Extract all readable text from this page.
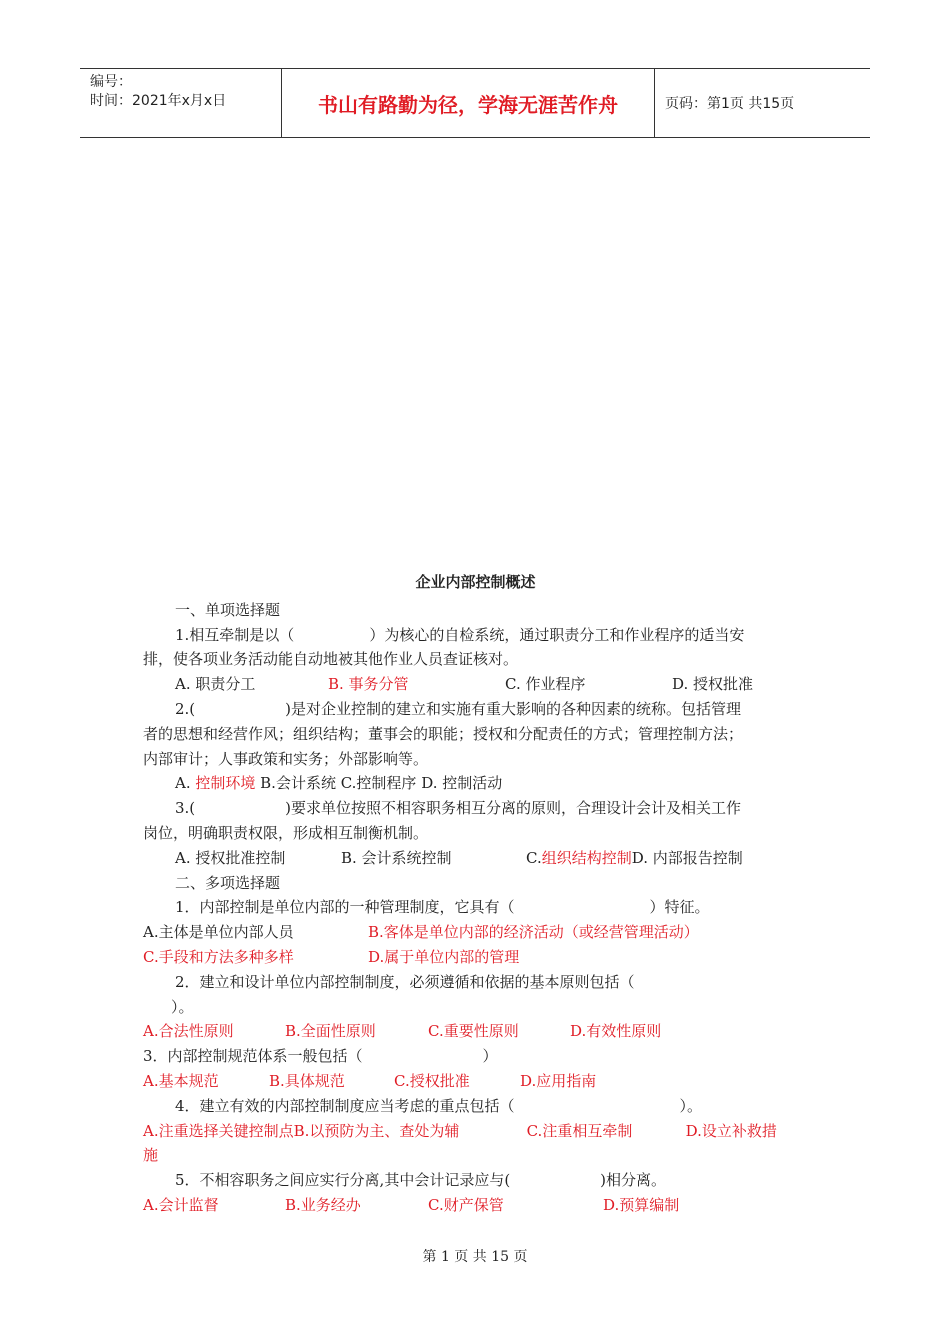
编号：
时间：2021年x月x日	书山有路勤为径，学海无涯苦作舟	页码：第1页 共15页
企业内部控制概述
一、单项选择题
1.相互牵制是以（　　　　　）为核心的自检系统，通过职责分工和作业程序的适当安
排，使各项业务活动能自动地被其他作业人员查证核对。
A. 职责分工	B. 事务分管	C. 作业程序	D. 授权批准
2.(　　　　　　)是对企业控制的建立和实施有重大影响的各种因素的统称。包括管理
者的思想和经营作风；组织结构；董事会的职能；授权和分配责任的方式；管理控制方法；
内部审计；人事政策和实务；外部影响等。
A. 控制环境 B.会计系统 C.控制程序 D. 控制活动
3.(　　　　　　)要求单位按照不相容职务相互分离的原则，合理设计会计及相关工作
岗位，明确职责权限，形成相互制衡机制。
A. 授权批准控制	B. 会计系统控制	C. 组织结构控制 D. 内部报告控制
二、多项选择题
1．内部控制是单位内部的一种管理制度，它具有（　　　　　　　　　）特征。
A.主体是单位内部人员	B.客体是单位内部的经济活动（或经营管理活动）
C.手段和方法多种多样	D.属于单位内部的管理
2．建立和设计单位内部控制制度，必须遵循和依据的基本原则包括（
）。
A.合法性原则	B.全面性原则	C.重要性原则	D.有效性原则
3．内部控制规范体系一般包括（　　　　　　　　）
A.基本规范	B.具体规范	C.授权批准	D.应用指南
4．建立有效的内部控制制度应当考虑的重点包括（　　　　　　　　　　　）。
A.注重选择关键控制点 B.以预防为主、查处为辅	C.注重相互牵制	D.设立补救措
施
5．不相容职务之间应实行分离,其中会计记录应与(　　　　　　)相分离。
A.会计监督	B.业务经办	C.财产保管	D.预算编制
第 1 页 共 15 页
